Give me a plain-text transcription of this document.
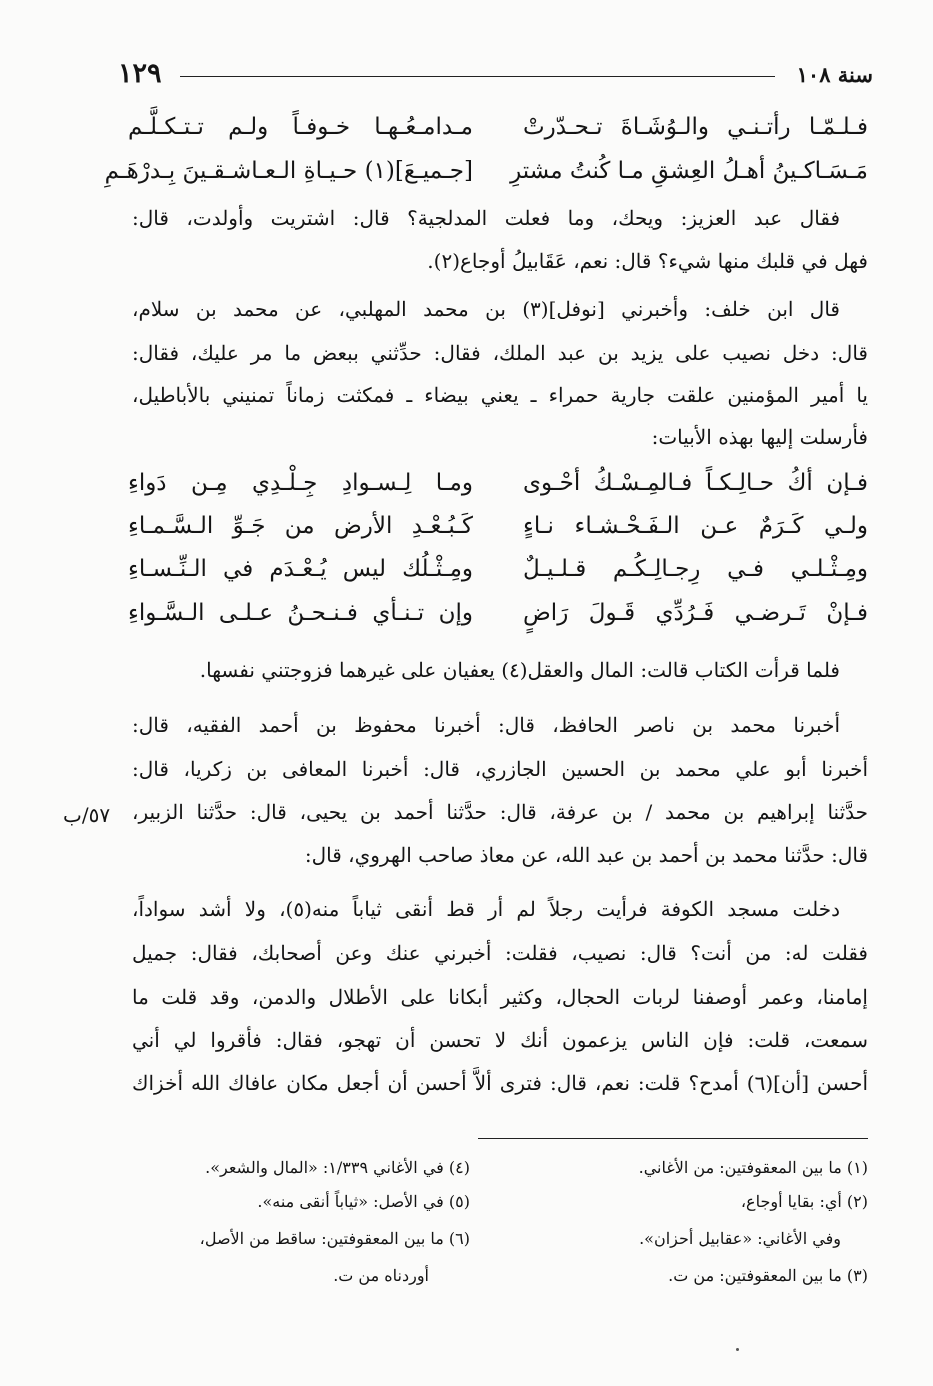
سنة ١٠٨
١٢٩
فـلـمّـا رأتـنـي والـوُشَـاةَ تـحـدّرتْ
مـدامـعُـهـا خـوفـاً ولـم تـتـكـلَّـم
مَـسَـاكـينُ أهـلُ العِشقِ مـا كُنتُ مشترِ
[جـميـعَ](١) حـيـاةِ الـعـاشـقـينَ بِـدرْهَـمِ
فقال عبد العزيز: ويحك، وما فعلت المدلجية؟ قال: اشتريت وأولدت، قال:
فهل في قلبك منها شيء؟ قال: نعم، عَقَابيلُ أوجاع(٢).
قال ابن خلف: وأخبرني [نوفل](٣) بن محمد المهلبي، عن محمد بن سلام،
قال: دخل نصيب على يزيد بن عبد الملك، فقال: حدِّثني ببعض ما مر عليك، فقال:
يا أمير المؤمنين علقت جارية حمراء ـ يعني بيضاء ـ فمكثت زماناً تمنيني بالأباطيل،
فأرسلت إليها بهذه الأبيات:
فـإن أكُ حـالِـكـاً فـالمِـسْـكُ أحْـوى
ومـا لِـسـوادِ جِـلْـدِي مِـن دَواءِ
ولـي كَـرَمٌ عـن الـفَـحْـشـاء نـاءٍ
كَـبُـعْـدِ الأرض من جَـوِّ الـسَّـمـاءِ
ومِـثْـلـي فـي رِجـالِـكُـم قـلـيـلٌ
ومِـثْـلُك ليس يُـعْـدَم في الـنِّـسـاءِ
فـإنْ تَـرضـي فَـرُدِّي قَـولَ رَاضٍ
وإن تـنـأي فـنـحـنُ عـلـى الـسَّـواءِ
فلما قرأت الكتاب قالت: المال والعقل(٤) يعفيان على غيرهما فزوجتني نفسها.
أخبرنا محمد بن ناصر الحافظ، قال: أخبرنا محفوظ بن أحمد الفقيه، قال:
أخبرنا أبو علي محمد بن الحسين الجازري، قال: أخبرنا المعافى بن زكريا، قال:
حدَّثنا إبراهيم بن محمد / بن عرفة، قال: حدَّثنا أحمد بن يحيى، قال: حدَّثنا الزبير،
قال: حدَّثنا محمد بن أحمد بن عبد الله، عن معاذ صاحب الهروي، قال:
٥٧/ب
دخلت مسجد الكوفة فرأيت رجلاً لم أر قط أنقى ثياباً منه(٥)، ولا أشد سواداً،
فقلت له: من أنت؟ قال: نصيب، فقلت: أخبرني عنك وعن أصحابك، فقال: جميل
إمامنا، وعمر أوصفنا لربات الحجال، وكثير أبكانا على الأطلال والدمن، وقد قلت ما
سمعت، قلت: فإن الناس يزعمون أنك لا تحسن أن تهجو، فقال: فأقروا لي أني
أحسن [أن](٦) أمدح؟ قلت: نعم، قال: فترى ألاَّ أحسن أن أجعل مكان عافاك الله أخزاك
(١) ما بين المعقوفتين: من الأغاني.
(٢) أي: بقايا أوجاع،
وفي الأغاني: «عقابيل أحزان».
(٣) ما بين المعقوفتين: من ت.
(٤) في الأغاني ١/٣٣٩: «المال والشعر».
(٥) في الأصل: «ثياباً أنقى منه».
(٦) ما بين المعقوفتين: ساقط من الأصل،
أوردناه من ت.
